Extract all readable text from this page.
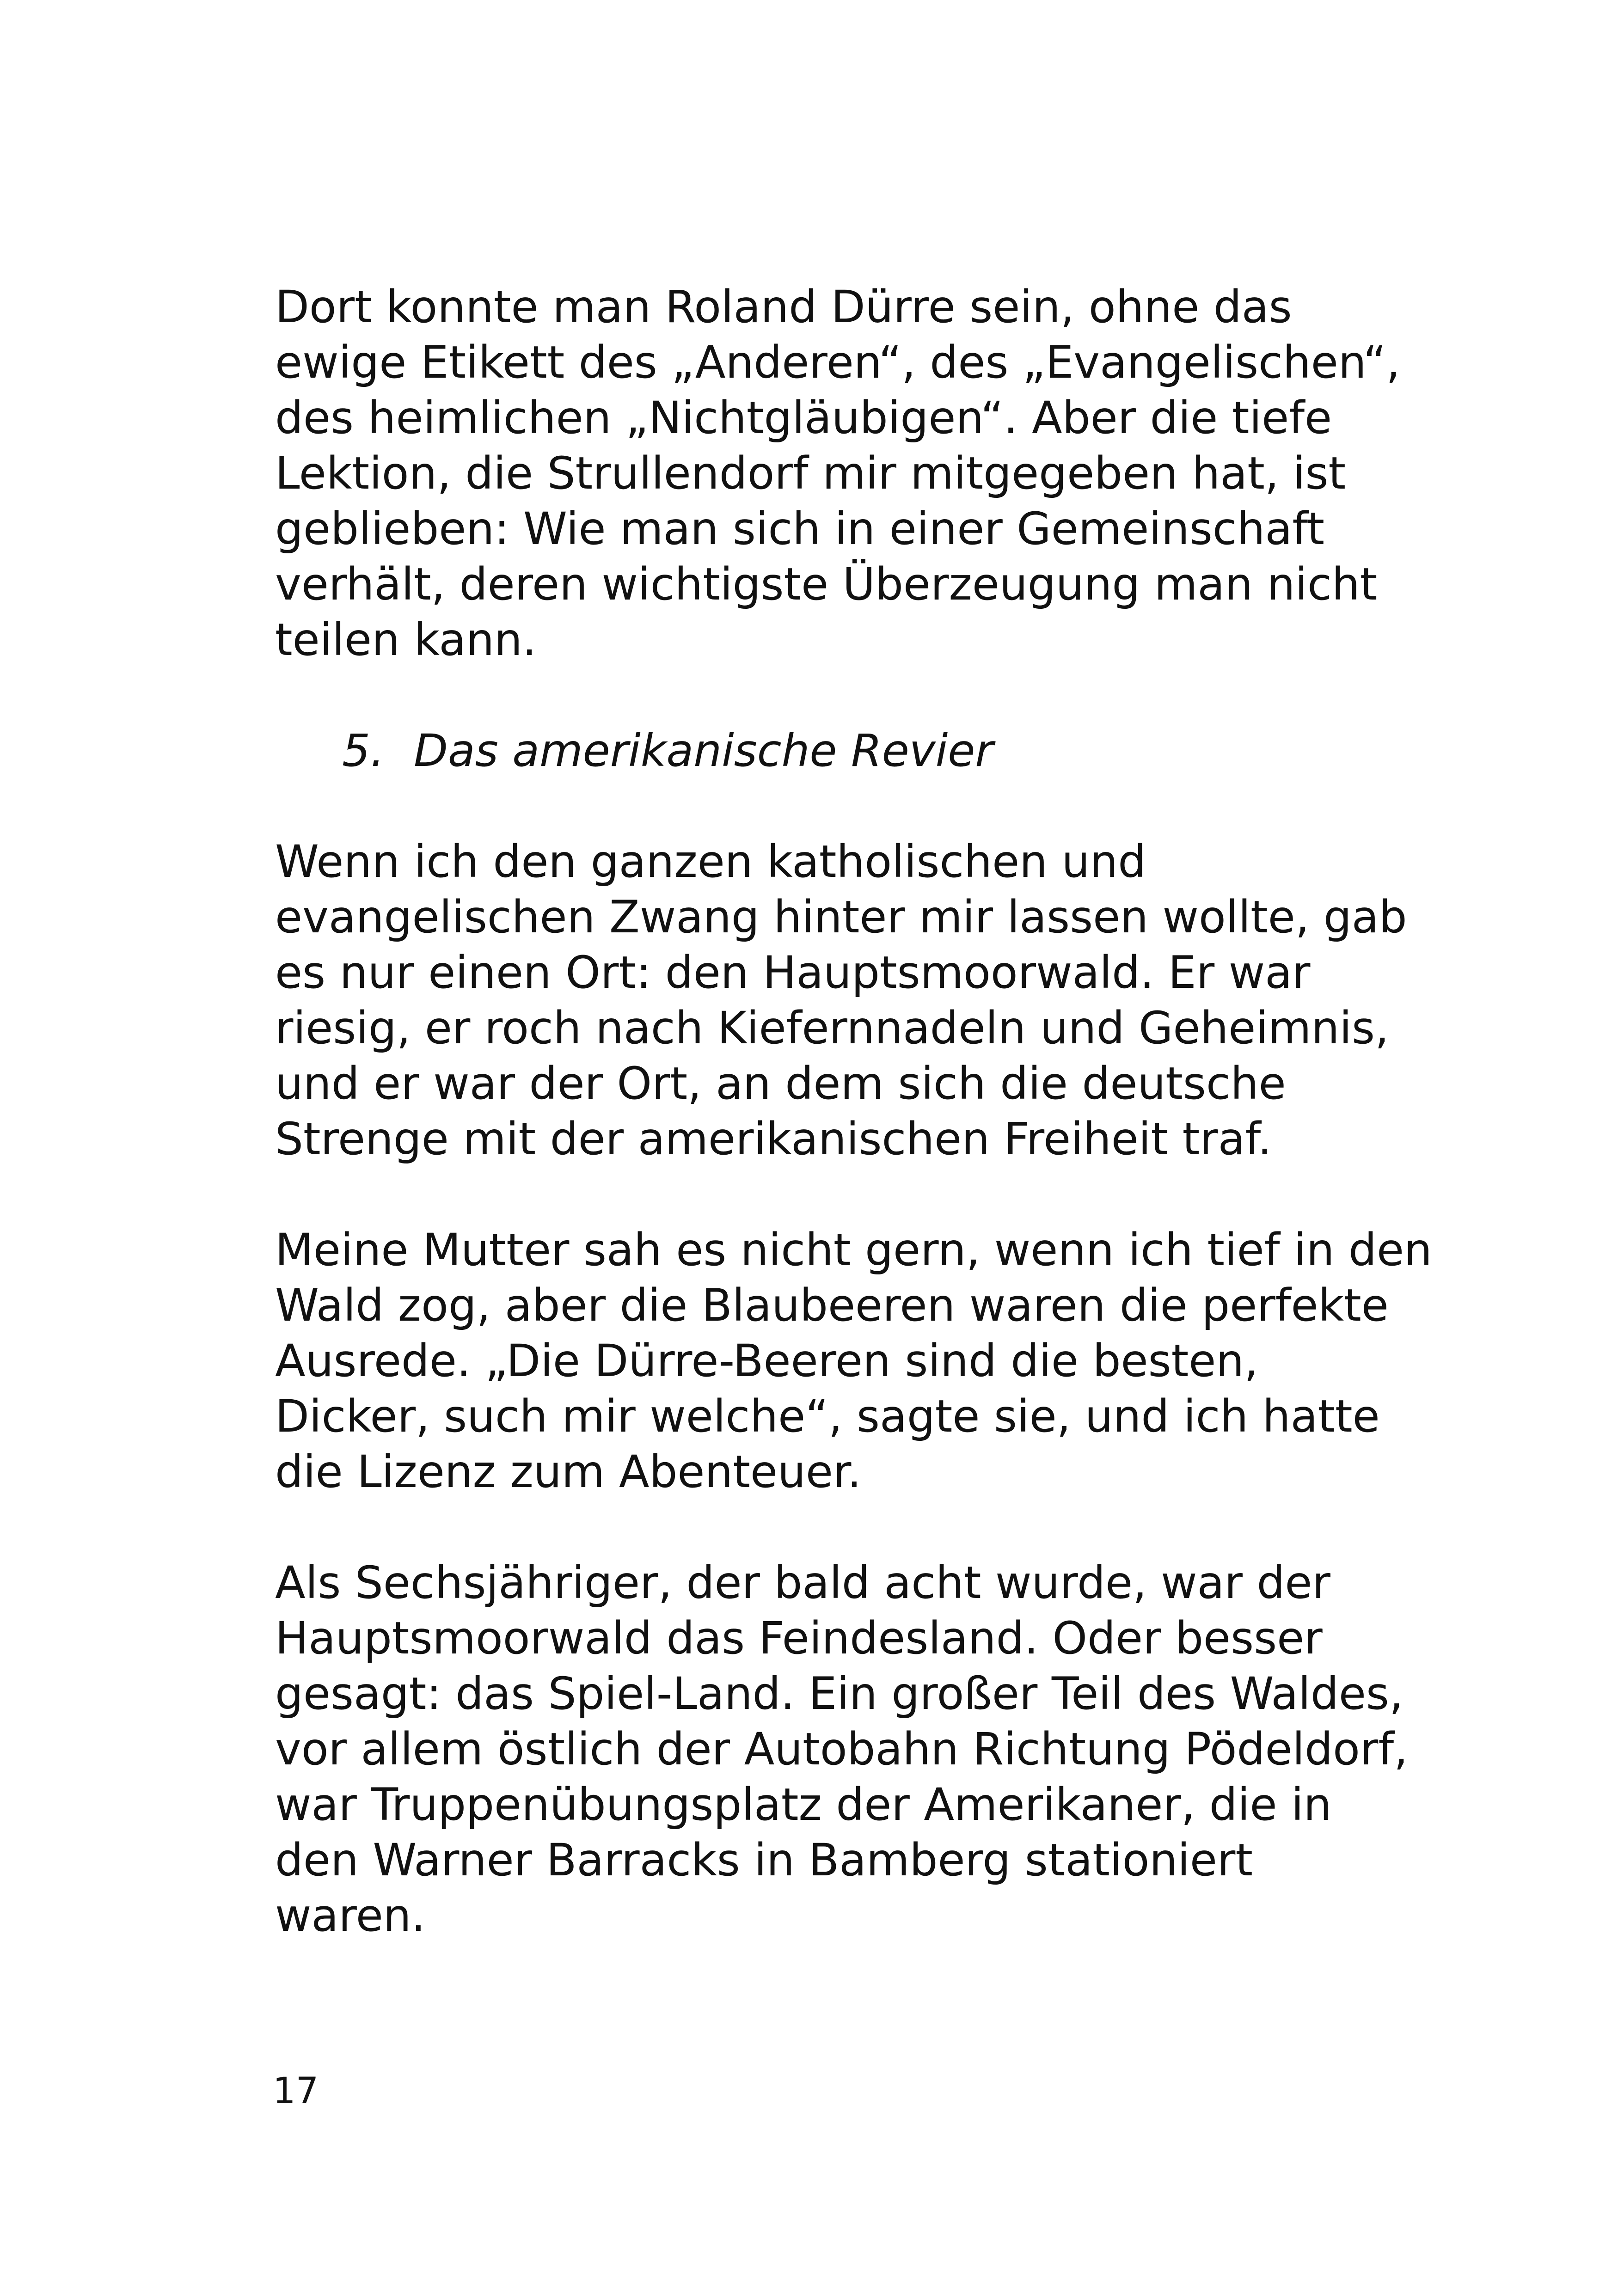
Dort konnte man Roland Dürre sein, ohne das
ewige Etikett des „Anderen“, des „Evangelischen“,
des heimlichen „Nichtgläubigen“. Aber die tiefe
Lektion, die Strullendorf mir mitgegeben hat, ist
geblieben: Wie man sich in einer Gemeinschaft
verhält, deren wichtigste Überzeugung man nicht
teilen kann.
5. Das amerikanische Revier
Wenn ich den ganzen katholischen und
evangelischen Zwang hinter mir lassen wollte, gab
es nur einen Ort: den Hauptsmoorwald. Er war
riesig, er roch nach Kiefernnadeln und Geheimnis,
und er war der Ort, an dem sich die deutsche
Strenge mit der amerikanischen Freiheit traf.
Meine Mutter sah es nicht gern, wenn ich tief in den
Wald zog, aber die Blaubeeren waren die perfekte
Ausrede. „Die Dürre-Beeren sind die besten,
Dicker, such mir welche“, sagte sie, und ich hatte
die Lizenz zum Abenteuer.
Als Sechsjähriger, der bald acht wurde, war der
Hauptsmoorwald das Feindesland. Oder besser
gesagt: das Spiel-Land. Ein großer Teil des Waldes,
vor allem östlich der Autobahn Richtung Pödeldorf,
war Truppenübungsplatz der Amerikaner, die in
den Warner Barracks in Bamberg stationiert
waren.
17
